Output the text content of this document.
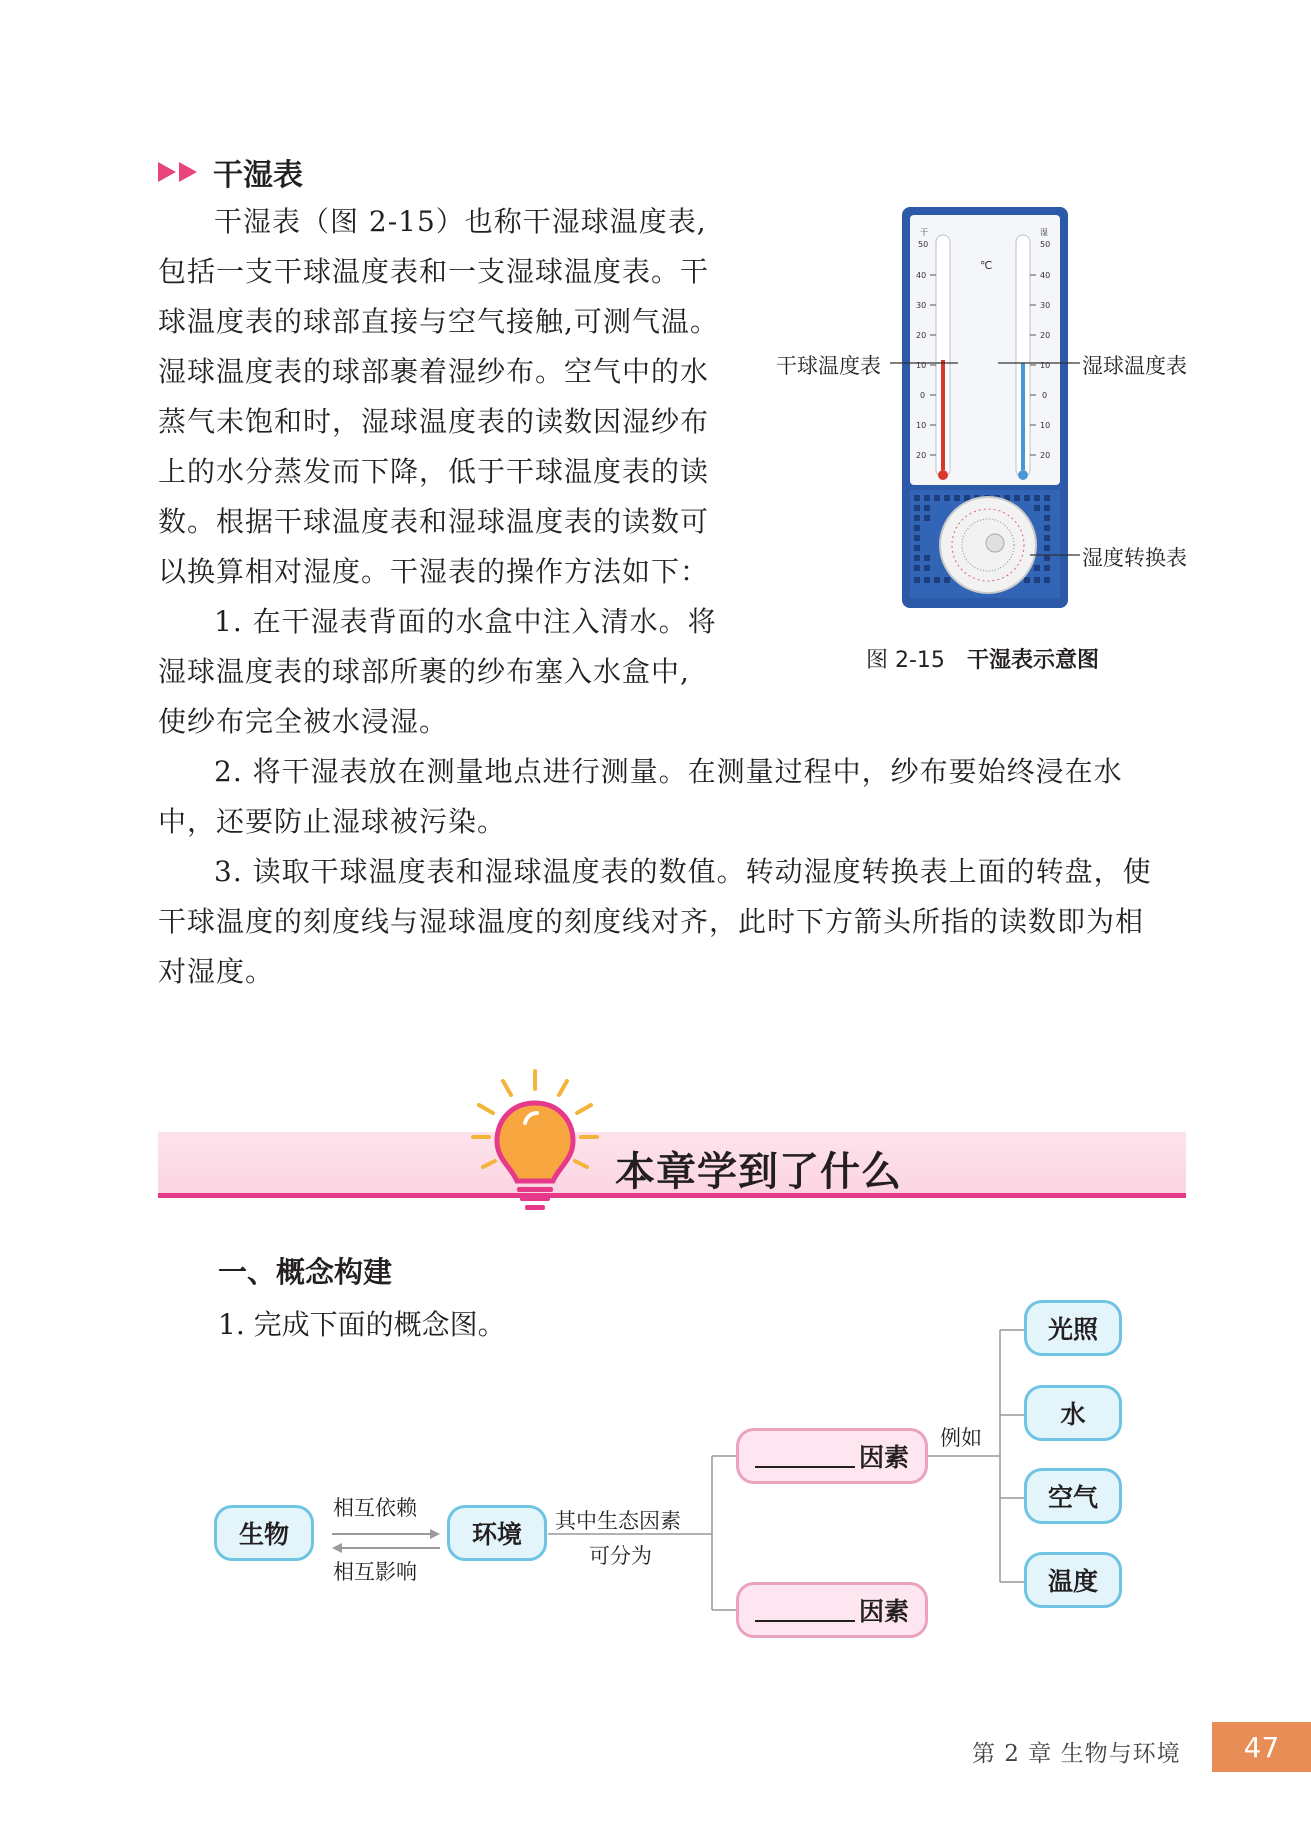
干湿表
干湿表（图 2-15）也称干湿球温度表,
包括一支干球温度表和一支湿球温度表。干
球温度表的球部直接与空气接触,可测气温。
湿球温度表的球部裹着湿纱布。空气中的水
蒸气未饱和时，湿球温度表的读数因湿纱布
上的水分蒸发而下降，低于干球温度表的读
数。根据干球温度表和湿球温度表的读数可
以换算相对湿度。干湿表的操作方法如下：
1. 在干湿表背面的水盒中注入清水。将
湿球温度表的球部所裹的纱布塞入水盒中,
使纱布完全被水浸湿。
2. 将干湿表放在测量地点进行测量。在测量过程中，纱布要始终浸在水
中，还要防止湿球被污染。
3. 读取干球温度表和湿球温度表的数值。转动湿度转换表上面的转盘，使
干球温度的刻度线与湿球温度的刻度线对齐，此时下方箭头所指的读数即为相
对湿度。
干
50
湿
50
℃
40
30
20
10
0
10
20
40
30
20
10
0
10
20
干球温度表	湿球温度表
湿度转换表
图 2-15 干湿表示意图
本章学到了什么
一、概念构建
1. 完成下面的概念图。
生物
相互依赖
相互影响
环境	其中生态因素
可分为
因素
因素
例如
光照
水
空气
温度
第 2 章 生物与环境	47
